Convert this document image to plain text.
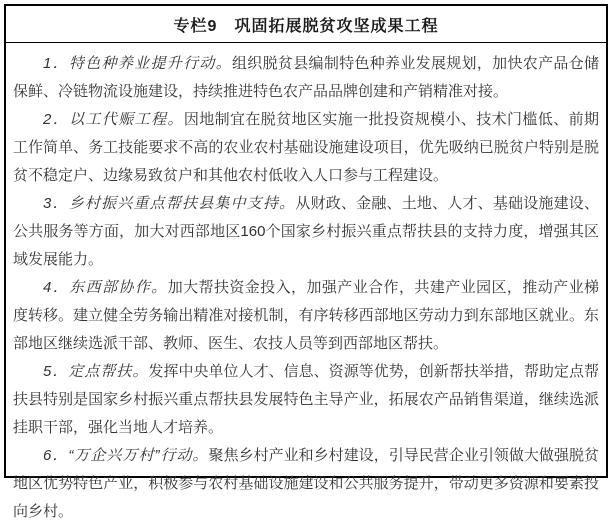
专栏9　巩固拓展脱贫攻坚成果工程

1．特色种养业提升行动。组织脱贫县编制特色种养业发展规划，加快农产品仓储保鲜、冷链物流设施建设，持续推进特色农产品品牌创建和产销精准对接。

2．以工代赈工程。因地制宜在脱贫地区实施一批投资规模小、技术门槛低、前期工作简单、务工技能要求不高的农业农村基础设施建设项目，优先吸纳已脱贫户特别是脱贫不稳定户、边缘易致贫户和其他农村低收入人口参与工程建设。

3．乡村振兴重点帮扶县集中支持。从财政、金融、土地、人才、基础设施建设、公共服务等方面，加大对西部地区160个国家乡村振兴重点帮扶县的支持力度，增强其区域发展能力。

4．东西部协作。加大帮扶资金投入，加强产业合作，共建产业园区，推动产业梯度转移。建立健全劳务输出精准对接机制，有序转移西部地区劳动力到东部地区就业。东部地区继续选派干部、教师、医生、农技人员等到西部地区帮扶。

5．定点帮扶。发挥中央单位人才、信息、资源等优势，创新帮扶举措，帮助定点帮扶县特别是国家乡村振兴重点帮扶县发展特色主导产业，拓展农产品销售渠道，继续选派挂职干部，强化当地人才培养。

6．“万企兴万村”行动。聚焦乡村产业和乡村建设，引导民营企业引领做大做强脱贫地区优势特色产业，积极参与农村基础设施建设和公共服务提升，带动更多资源和要素投向乡村。
